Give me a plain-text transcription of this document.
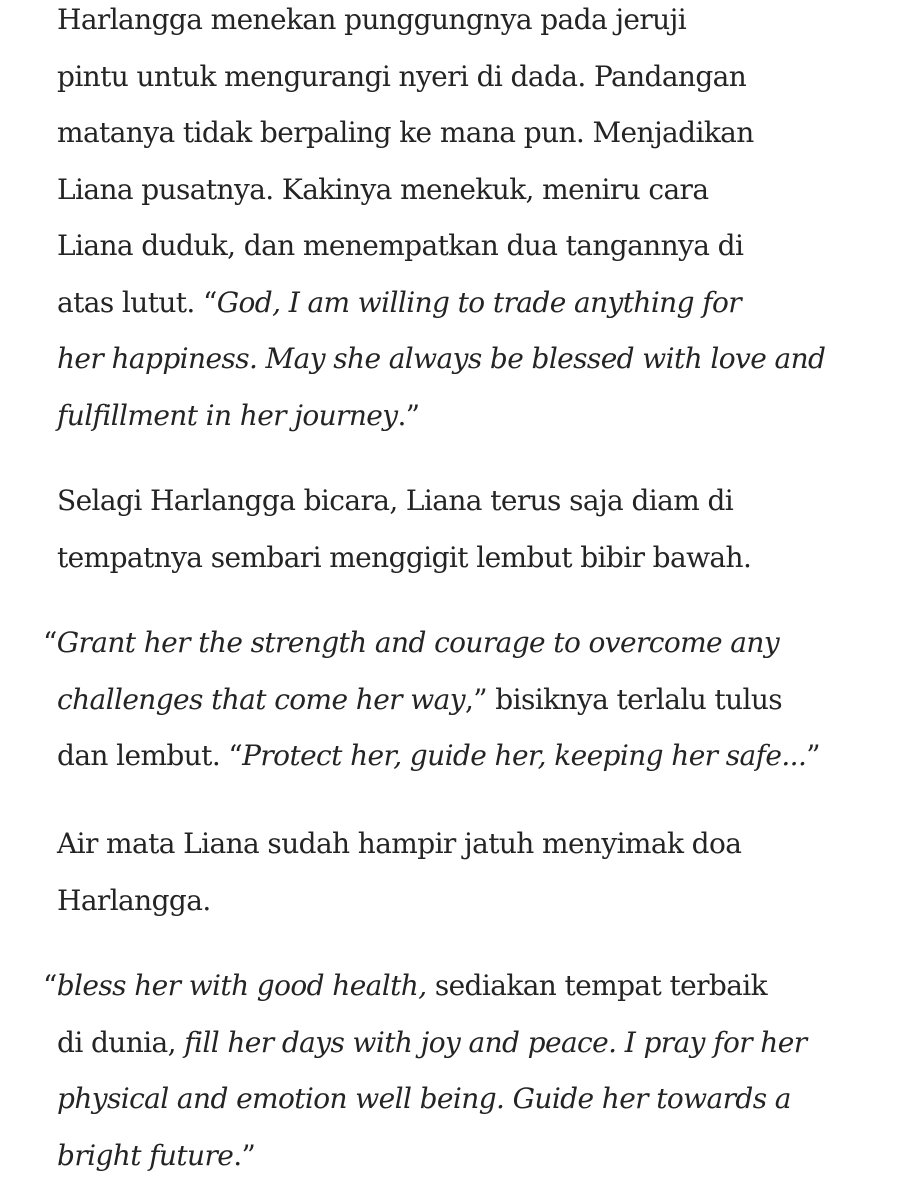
Harlangga menekan punggungnya pada jeruji
pintu untuk mengurangi nyeri di dada. Pandangan
matanya tidak berpaling ke mana pun. Menjadikan
Liana pusatnya. Kakinya menekuk, meniru cara
Liana duduk, dan menempatkan dua tangannya di
atas lutut. “God, I am willing to trade anything for
her happiness. May she always be blessed with love and
fulfillment in her journey.”
Selagi Harlangga bicara, Liana terus saja diam di
tempatnya sembari menggigit lembut bibir bawah.
“Grant her the strength and courage to overcome any
challenges that come her way,” bisiknya terlalu tulus
dan lembut. “Protect her, guide her, keeping her safe...”
Air mata Liana sudah hampir jatuh menyimak doa
Harlangga.
“bless her with good health, sediakan tempat terbaik
di dunia, fill her days with joy and peace. I pray for her
physical and emotion well being. Guide her towards a
bright future.”
